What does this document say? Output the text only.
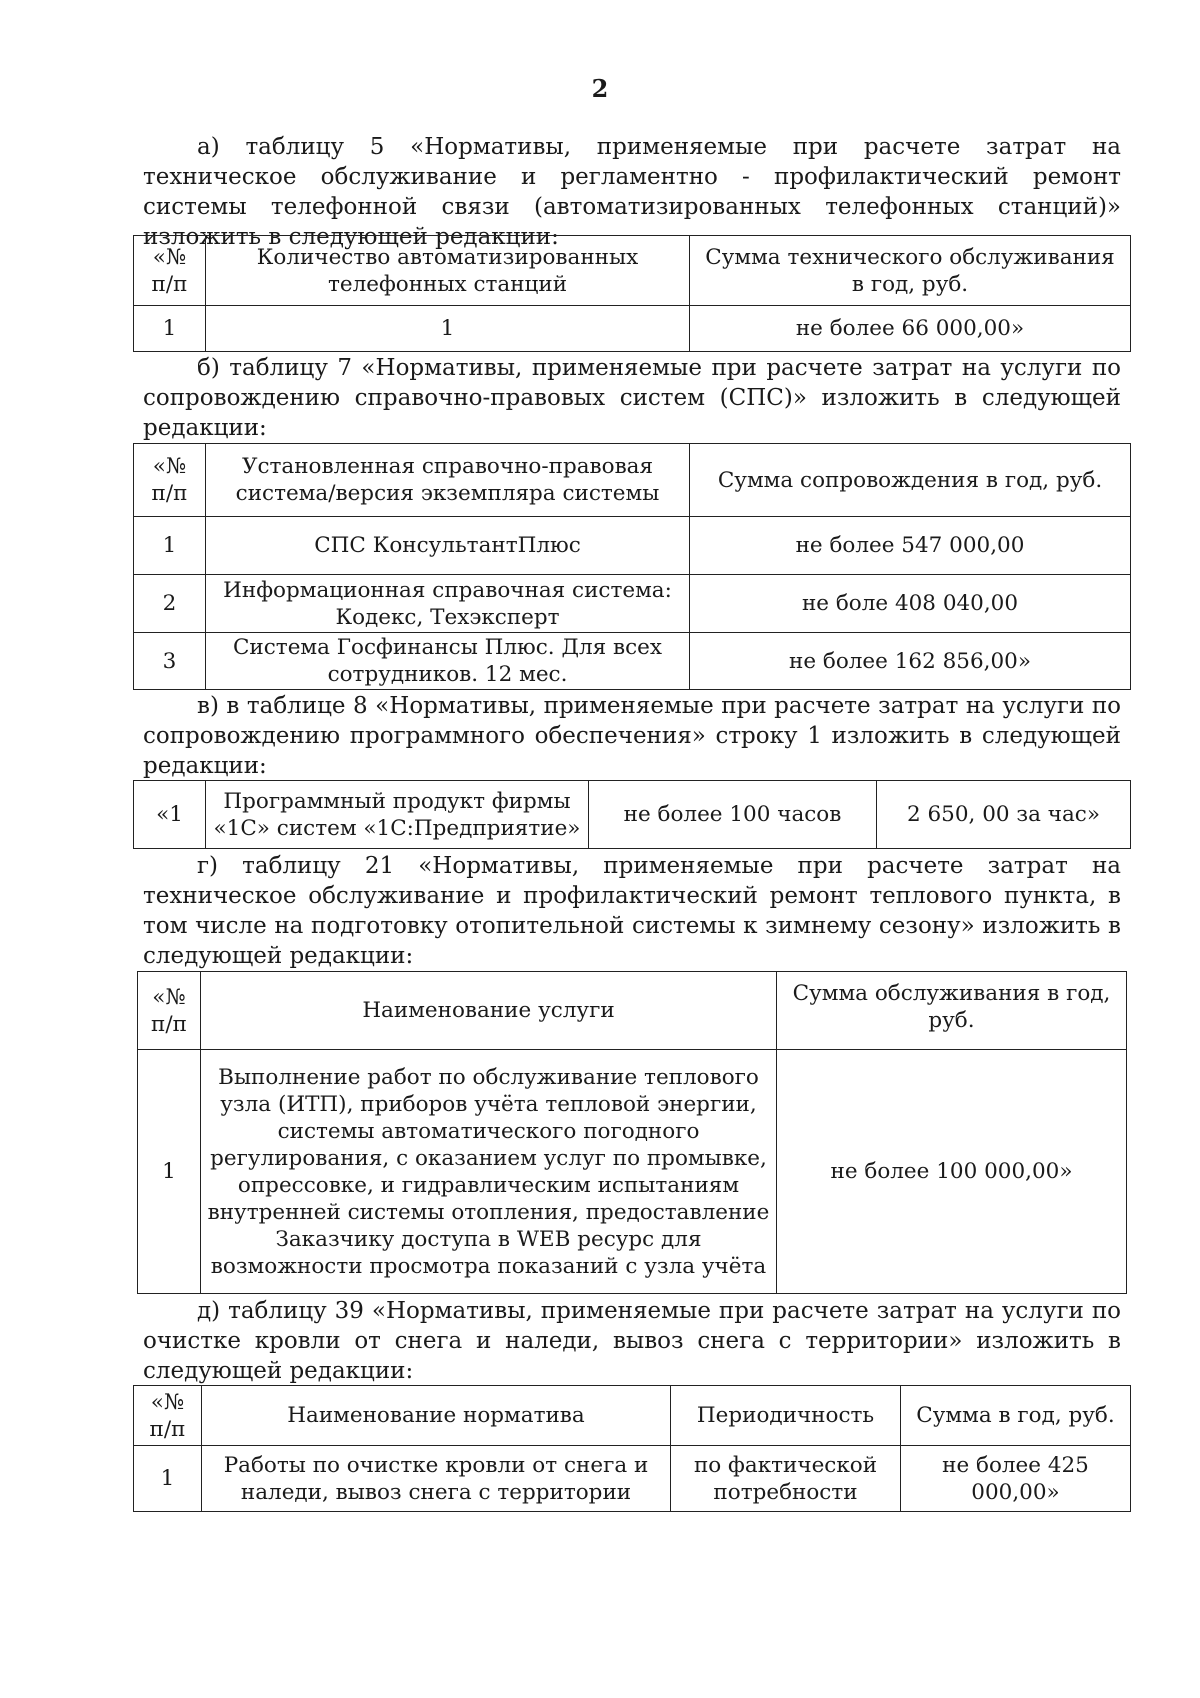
2
а) таблицу 5 «Нормативы, применяемые при расчете затрат на техническое обслуживание и регламентно - профилактический ремонт системы телефонной связи (автоматизированных телефонных станций)» изложить в следующей редакции:
«№ п/п	Количество автоматизированных телефонных станций	Сумма технического обслуживания в год, руб.
1	1	не более 66 000,00»
б) таблицу 7 «Нормативы, применяемые при расчете затрат на услуги по сопровождению справочно-правовых систем (СПС)» изложить в следующей редакции:
«№ п/п	Установленная справочно-правовая система/версия экземпляра системы	Сумма сопровождения в год, руб.
1	СПС КонсультантПлюс	не более 547 000,00
2	Информационная справочная система: Кодекс, Техэксперт	не боле 408 040,00
3	Система Госфинансы Плюс. Для всех сотрудников. 12 мес.	не более 162 856,00»
в) в таблице 8 «Нормативы, применяемые при расчете затрат на услуги по сопровождению программного обеспечения» строку 1 изложить в следующей редакции:
«1	Программный продукт фирмы «1С» систем «1С:Предприятие»	не более 100 часов	2 650, 00 за час»
г) таблицу 21 «Нормативы, применяемые при расчете затрат на техническое обслуживание и профилактический ремонт теплового пункта, в том числе на подготовку отопительной системы к зимнему сезону» изложить в следующей редакции:
«№ п/п	Наименование услуги	Сумма обслуживания в год, руб.
1	Выполнение работ по обслуживание теплового узла (ИТП), приборов учёта тепловой энергии, системы автоматического погодного регулирования, с оказанием услуг по промывке, опрессовке, и гидравлическим испытаниям внутренней системы отопления, предоставление Заказчику доступа в WEB ресурс для возможности просмотра показаний с узла учёта	не более 100 000,00»
д) таблицу 39 «Нормативы, применяемые при расчете затрат на услуги по очистке кровли от снега и наледи, вывоз снега с территории» изложить в следующей редакции:
«№ п/п	Наименование норматива	Периодичность	Сумма в год, руб.
1	Работы по очистке кровли от снега и наледи, вывоз снега с территории	по фактической потребности	не более 425 000,00»
